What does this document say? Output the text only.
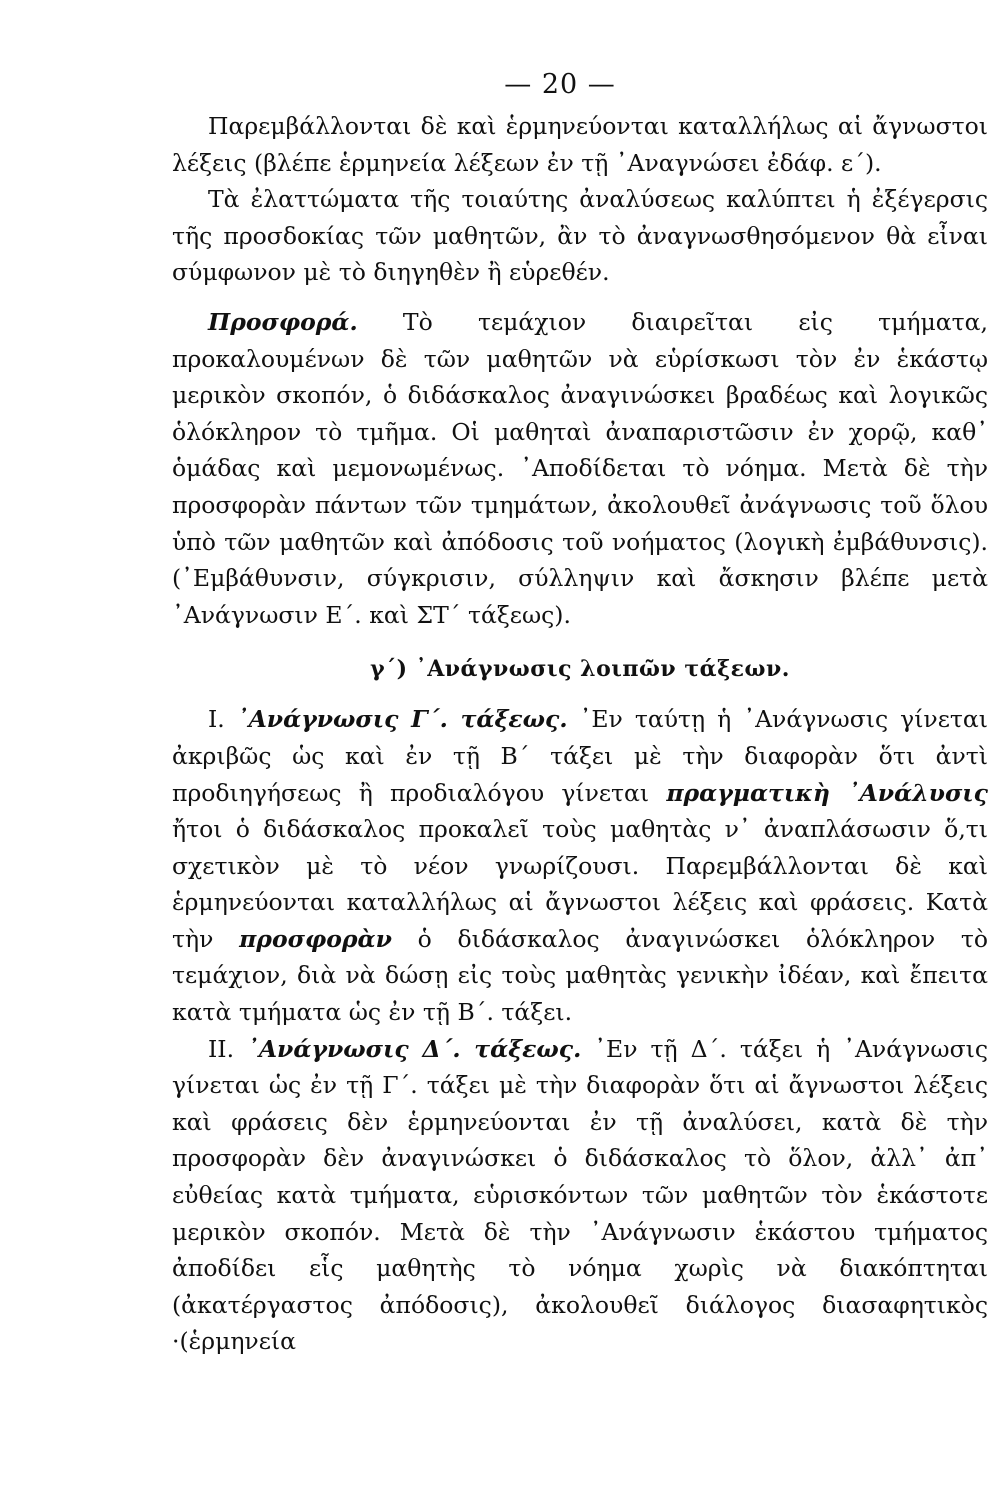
— 20 —

Παρεμβάλλονται δὲ καὶ ἑρμηνεύονται καταλλήλως αἱ ἄγνωστοι λέξεις (βλέπε ἑρμηνεία λέξεων ἐν τῇ ᾿Αναγνώσει ἐδάφ. ε΄).

Τὰ ἐλαττώματα τῆς τοιαύτης ἀναλύσεως καλύπτει ἡ ἐξέγερσις τῆς προσδοκίας τῶν μαθητῶν, ἂν τὸ ἀναγνωσθησόμενον θὰ εἶναι σύμφωνον μὲ τὸ διηγηθὲν ἢ εὑρεθέν.

Προσφορά. Τὸ τεμάχιον διαιρεῖται εἰς τμήματα, προκαλουμένων δὲ τῶν μαθητῶν νὰ εὑρίσκωσι τὸν ἐν ἑκάστῳ μερικὸν σκοπόν, ὁ διδάσκαλος ἀναγινώσκει βραδέως καὶ λογικῶς ὁλόκληρον τὸ τμῆμα. Οἱ μαθηταὶ ἀναπαριστῶσιν ἐν χορῷ, καθ᾿ ὁμάδας καὶ μεμονωμένως. ᾿Αποδίδεται τὸ νόημα. Μετὰ δὲ τὴν προσφορὰν πάντων τῶν τμημάτων, ἀκολουθεῖ ἀνάγνωσις τοῦ ὅλου ὑπὸ τῶν μαθητῶν καὶ ἀπόδοσις τοῦ νοήματος (λογικὴ ἐμβάθυνσις). (᾿Εμβάθυνσιν, σύγκρισιν, σύλληψιν καὶ ἄσκησιν βλέπε μετὰ ᾿Ανάγνωσιν Ε΄. καὶ ΣΤ΄ τάξεως).

γ΄) ᾿Ανάγνωσις λοιπῶν τάξεων.

Ι. ᾿Ανάγνωσις Γ΄. τάξεως. ᾿Εν ταύτῃ ἡ ᾿Ανάγνωσις γίνεται ἀκριβῶς ὡς καὶ ἐν τῇ Β΄ τάξει μὲ τὴν διαφορὰν ὅτι ἀντὶ προδιηγήσεως ἢ προδιαλόγου γίνεται πραγματικὴ ᾿Ανάλυσις ἤτοι ὁ διδάσκαλος προκαλεῖ τοὺς μαθητὰς ν᾿ ἀναπλάσωσιν ὅ,τι σχετικὸν μὲ τὸ νέον γνωρίζουσι. Παρεμβάλλονται δὲ καὶ ἑρμηνεύονται καταλλήλως αἱ ἄγνωστοι λέξεις καὶ φράσεις. Κατὰ τὴν προσφορὰν ὁ διδάσκαλος ἀναγινώσκει ὁλόκληρον τὸ τεμάχιον, διὰ νὰ δώσῃ εἰς τοὺς μαθητὰς γενικὴν ἰδέαν, καὶ ἔπειτα κατὰ τμήματα ὡς ἐν τῇ Β΄. τάξει.

ΙΙ. ᾿Ανάγνωσις Δ΄. τάξεως. ᾿Εν τῇ Δ΄. τάξει ἡ ᾿Ανάγνωσις γίνεται ὡς ἐν τῇ Γ΄. τάξει μὲ τὴν διαφορὰν ὅτι αἱ ἄγνωστοι λέξεις καὶ φράσεις δὲν ἑρμηνεύονται ἐν τῇ ἀναλύσει, κατὰ δὲ τὴν προσφορὰν δὲν ἀναγινώσκει ὁ διδάσκαλος τὸ ὅλον, ἀλλ᾿ ἀπ᾿ εὐθείας κατὰ τμήματα, εὑρισκόντων τῶν μαθητῶν τὸν ἑκάστοτε μερικὸν σκοπόν. Μετὰ δὲ τὴν ᾿Ανάγνωσιν ἑκάστου τμήματος ἀποδίδει εἷς μαθητὴς τὸ νόημα χωρὶς νὰ διακόπτηται (ἀκατέργαστος ἀπόδοσις), ἀκολουθεῖ διάλογος διασαφητικὸς ·(ἑρμηνεία
